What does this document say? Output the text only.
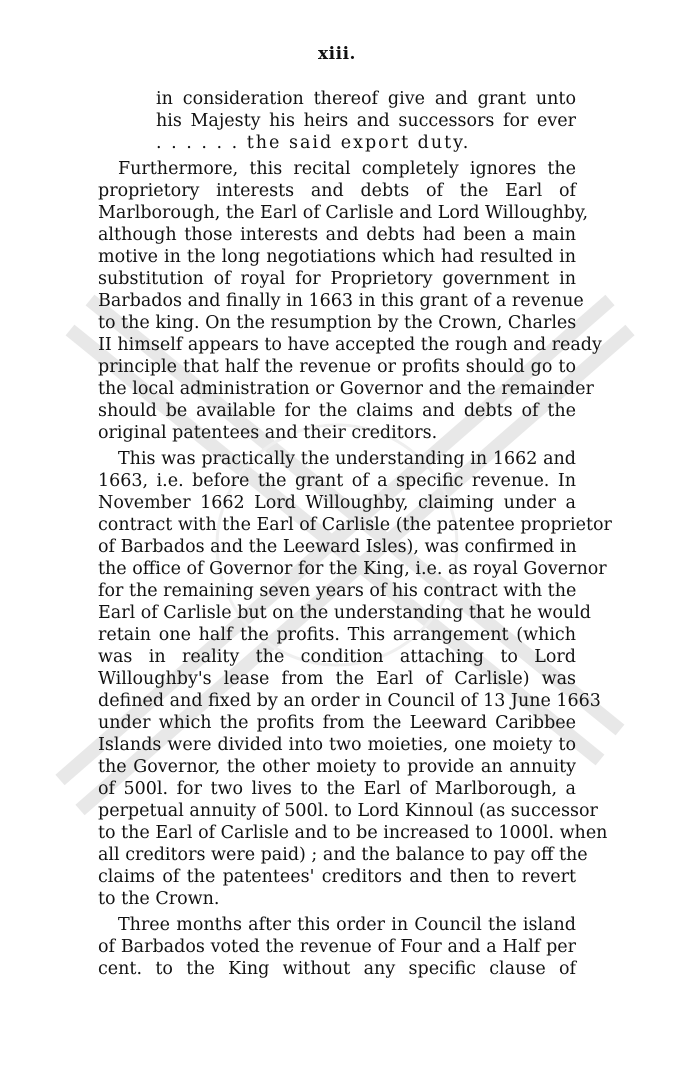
xiii.
in consideration thereof give and grant unto
his Majesty his heirs and successors for ever
. . . . . . the said export duty.
Furthermore, this recital completely ignores the
proprietory interests and debts of the Earl of
Marlborough, the Earl of Carlisle and Lord Willoughby,
although those interests and debts had been a main
motive in the long negotiations which had resulted in
substitution of royal for Proprietory government in
Barbados and finally in 1663 in this grant of a revenue
to the king. On the resumption by the Crown, Charles
II himself appears to have accepted the rough and ready
principle that half the revenue or profits should go to
the local administration or Governor and the remainder
should be available for the claims and debts of the
original patentees and their creditors.
This was practically the understanding in 1662 and
1663, i.e. before the grant of a specific revenue. In
November 1662 Lord Willoughby, claiming under a
contract with the Earl of Carlisle (the patentee proprietor
of Barbados and the Leeward Isles), was confirmed in
the office of Governor for the King, i.e. as royal Governor
for the remaining seven years of his contract with the
Earl of Carlisle but on the understanding that he would
retain one half the profits. This arrangement (which
was in reality the condition attaching to Lord
Willoughby's lease from the Earl of Carlisle) was
defined and fixed by an order in Council of 13 June 1663
under which the profits from the Leeward Caribbee
Islands were divided into two moieties, one moiety to
the Governor, the other moiety to provide an annuity
of 500l. for two lives to the Earl of Marlborough, a
perpetual annuity of 500l. to Lord Kinnoul (as successor
to the Earl of Carlisle and to be increased to 1000l. when
all creditors were paid) ; and the balance to pay off the
claims of the patentees' creditors and then to revert
to the Crown.
Three months after this order in Council the island
of Barbados voted the revenue of Four and a Half per
cent. to the King without any specific clause of
